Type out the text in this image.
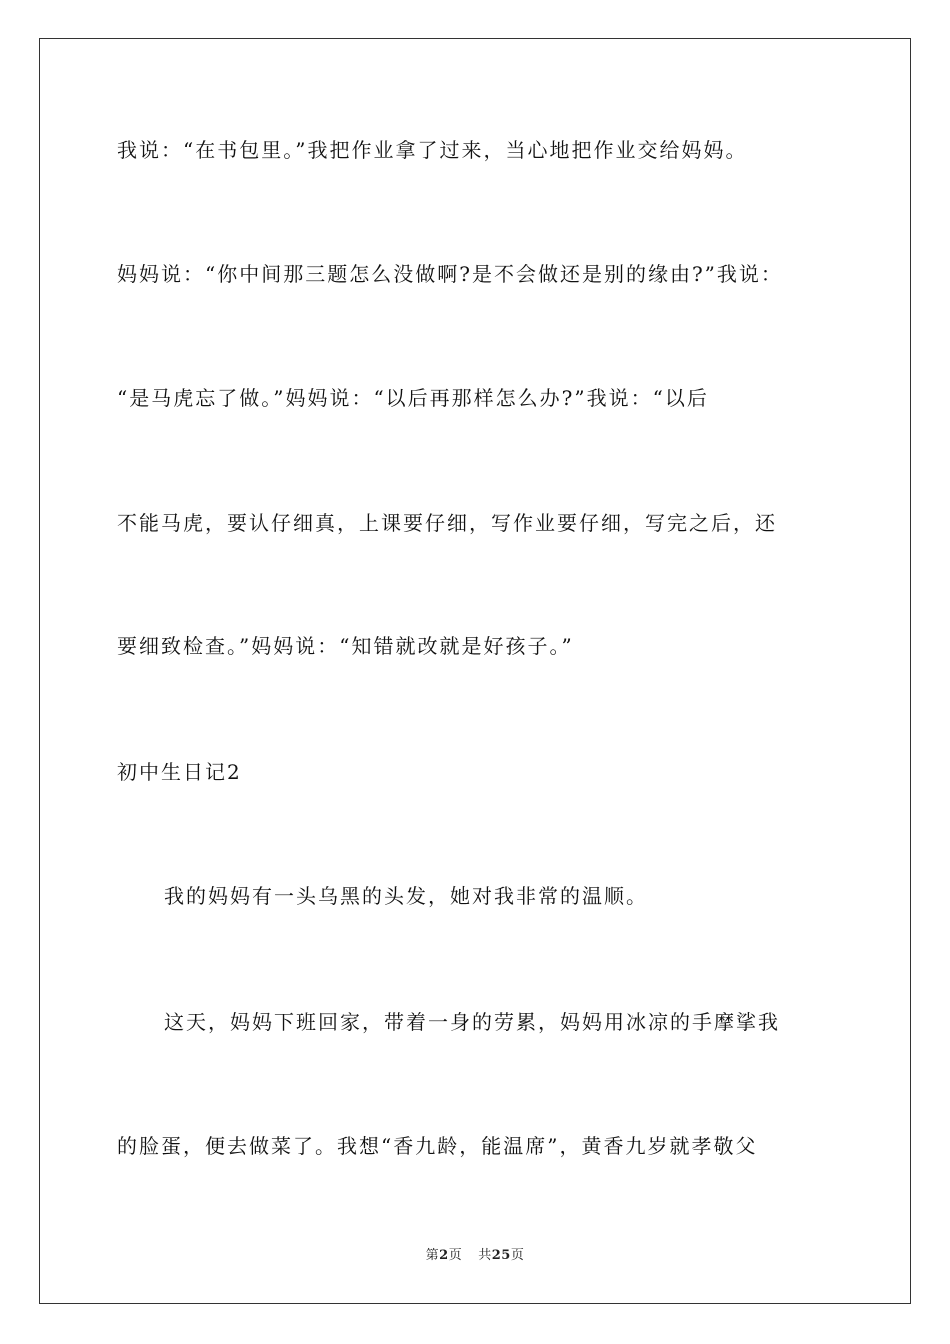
我说：“在书包里。”我把作业拿了过来，当心地把作业交给妈妈。

妈妈说：“你中间那三题怎么没做啊?是不会做还是别的缘由?”我说：

“是马虎忘了做。”妈妈说：“以后再那样怎么办?”我说：“以后

不能马虎，要认仔细真，上课要仔细，写作业要仔细，写完之后，还

要细致检查。”妈妈说：“知错就改就是好孩子。”

初中生日记2

我的妈妈有一头乌黑的头发，她对我非常的温顺。

这天，妈妈下班回家，带着一身的劳累，妈妈用冰凉的手摩挲我

的脸蛋，便去做菜了。我想“香九龄，能温席”，黄香九岁就孝敬父

第2页 共25页
